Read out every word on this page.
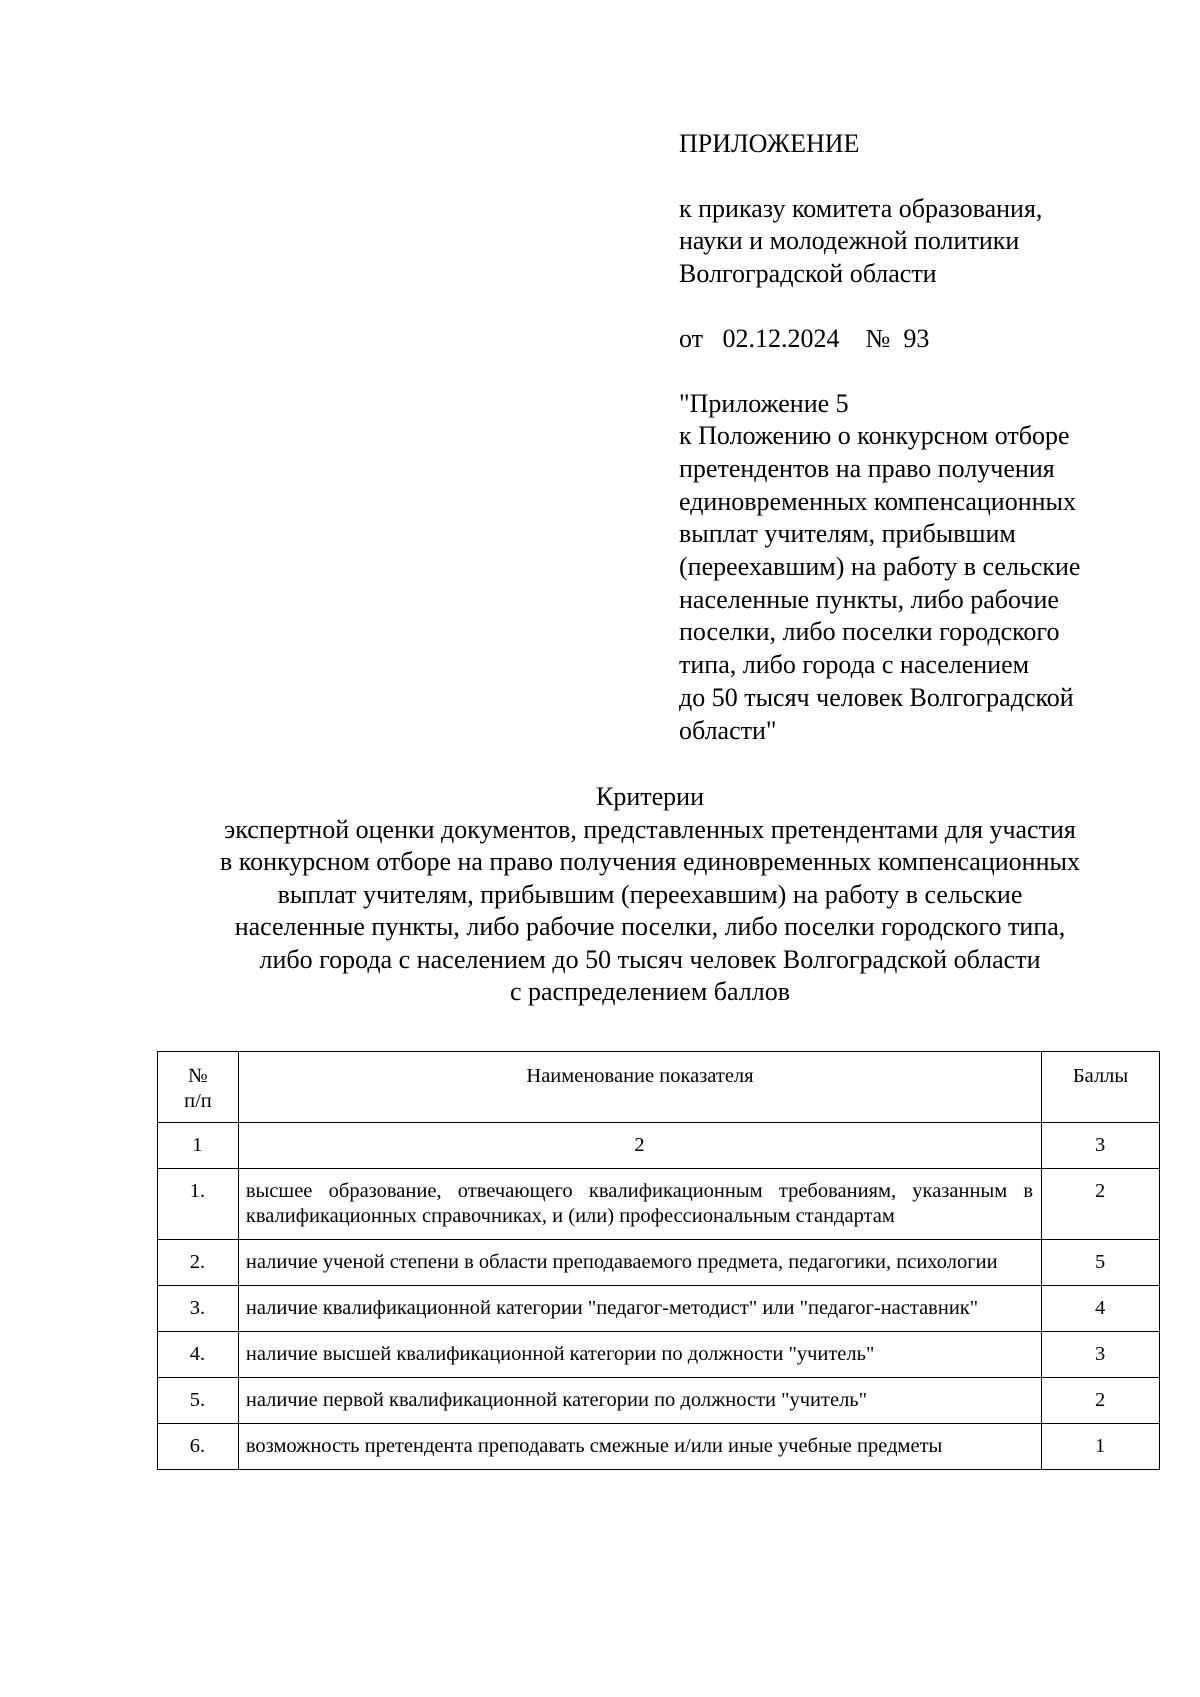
ПРИЛОЖЕНИЕ
к приказу комитета образования,
науки и молодежной политики
Волгоградской области
от   02.12.2024    №  93
"Приложение 5
к Положению о конкурсном отборе
претендентов на право получения
единовременных компенсационных
выплат учителям, прибывшим
(переехавшим) на работу в сельские
населенные пункты, либо рабочие
поселки, либо поселки городского
типа, либо города с населением
до 50 тысяч человек Волгоградской
области"
Критерии
экспертной оценки документов, представленных претендентами для участия
в конкурсном отборе на право получения единовременных компенсационных
выплат учителям, прибывшим (переехавшим) на работу в сельские
населенные пункты, либо рабочие поселки, либо поселки городского типа,
либо города с населением до 50 тысяч человек Волгоградской области
с распределением баллов
№
п/п	Наименование показателя	Баллы

1	2	3

1.	высшее образование, отвечающего квалификационным требованиям, указанным в квалификационных справочниках, и (или) профессиональным стандартам	2

2.	наличие ученой степени в области преподаваемого предмета, педагогики, психологии	5

3.	наличие квалификационной категории "педагог-методист" или "педагог-наставник"	4

4.	наличие высшей квалификационной категории по должности "учитель"	3

5.	наличие первой квалификационной категории по должности "учитель"	2

6.	возможность претендента преподавать смежные и/или иные учебные предметы	1
